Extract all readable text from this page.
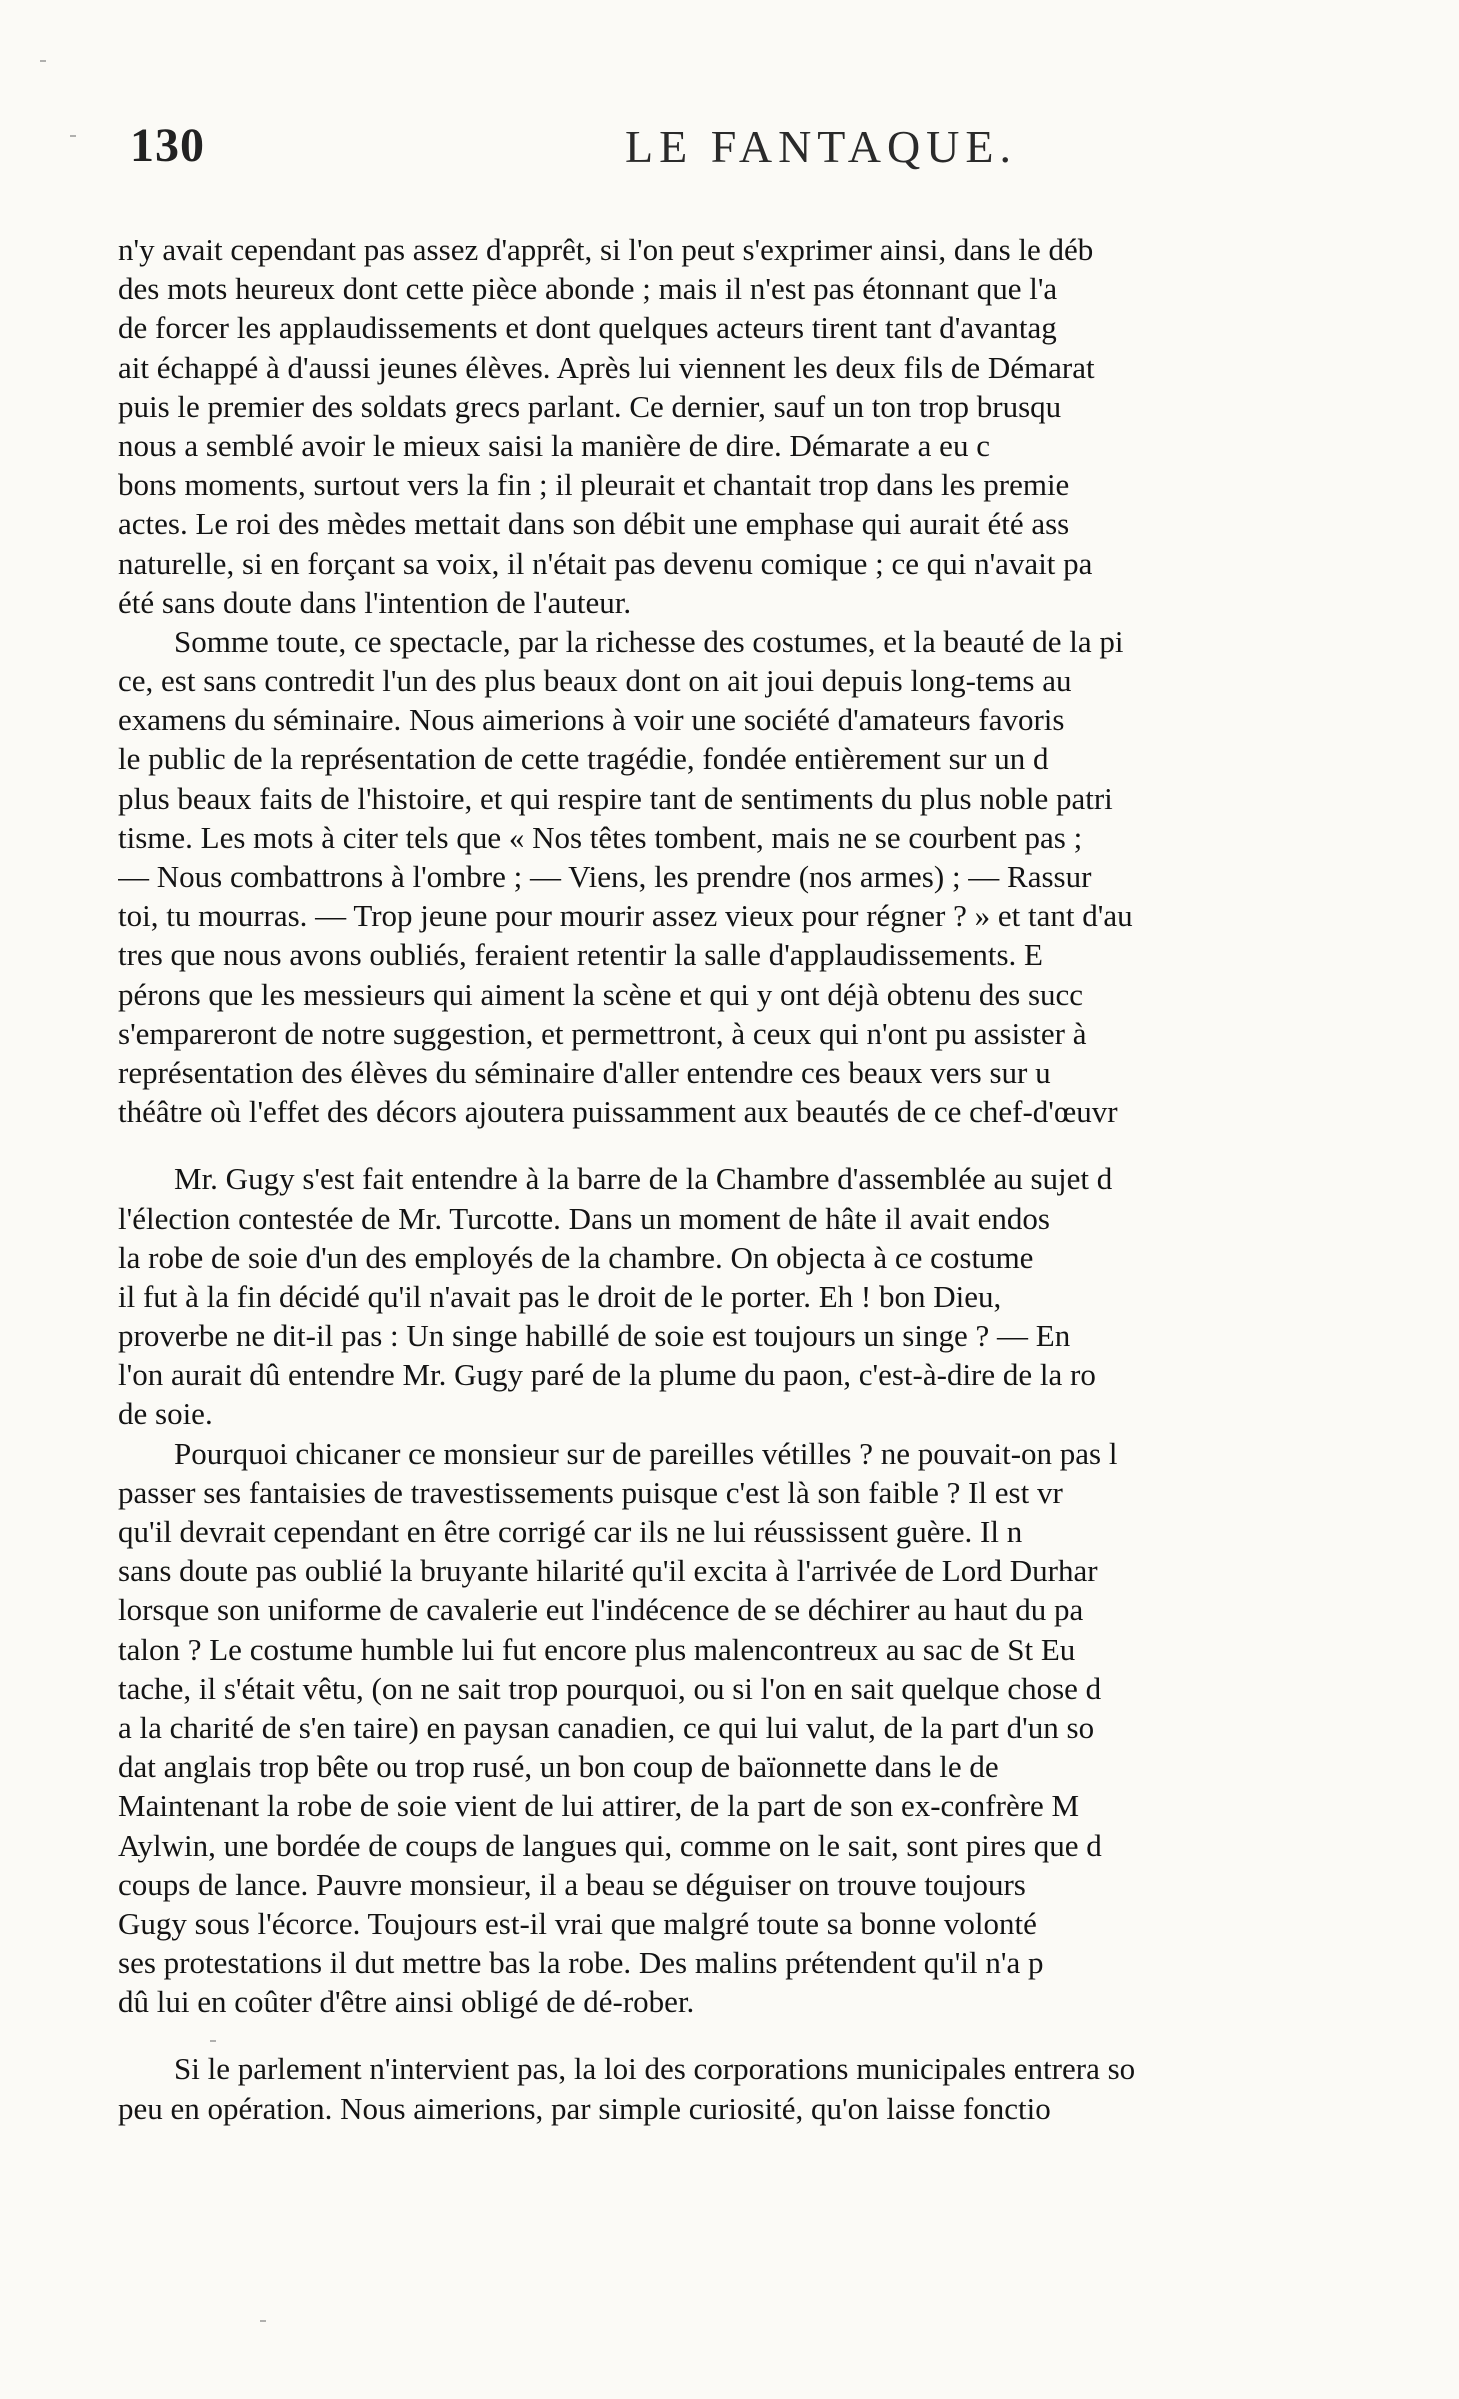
130	LE FANTAQUE.
n'y avait cependant pas assez d'apprêt, si l'on peut s'exprimer ainsi, dans le déb
des mots heureux dont cette pièce abonde ; mais il n'est pas étonnant que l'a
de forcer les applaudissements et dont quelques acteurs tirent tant d'avantag
ait échappé à d'aussi jeunes élèves. Après lui viennent les deux fils de Démarat
puis le premier des soldats grecs parlant. Ce dernier, sauf un ton trop brusqu
nous a semblé avoir le mieux saisi la manière de dire. Démarate a eu c
bons moments, surtout vers la fin ; il pleurait et chantait trop dans les premie
actes. Le roi des mèdes mettait dans son débit une emphase qui aurait été ass
naturelle, si en forçant sa voix, il n'était pas devenu comique ; ce qui n'avait pa
été sans doute dans l'intention de l'auteur.
Somme toute, ce spectacle, par la richesse des costumes, et la beauté de la pi
ce, est sans contredit l'un des plus beaux dont on ait joui depuis long-tems au
examens du séminaire. Nous aimerions à voir une société d'amateurs favoris
le public de la représentation de cette tragédie, fondée entièrement sur un d
plus beaux faits de l'histoire, et qui respire tant de sentiments du plus noble patri
tisme. Les mots à citer tels que « Nos têtes tombent, mais ne se courbent pas ;
— Nous combattrons à l'ombre ; — Viens, les prendre (nos armes) ; — Rassur
toi, tu mourras. — Trop jeune pour mourir assez vieux pour régner ? » et tant d'au
tres que nous avons oubliés, feraient retentir la salle d'applaudissements. E
pérons que les messieurs qui aiment la scène et qui y ont déjà obtenu des succ
s'empareront de notre suggestion, et permettront, à ceux qui n'ont pu assister à
représentation des élèves du séminaire d'aller entendre ces beaux vers sur u
théâtre où l'effet des décors ajoutera puissamment aux beautés de ce chef-d'œuvr
Mr. Gugy s'est fait entendre à la barre de la Chambre d'assemblée au sujet d
l'élection contestée de Mr. Turcotte. Dans un moment de hâte il avait endos
la robe de soie d'un des employés de la chambre. On objecta à ce costume
il fut à la fin décidé qu'il n'avait pas le droit de le porter. Eh ! bon Dieu,
proverbe ne dit-il pas : Un singe habillé de soie est toujours un singe ? — En
l'on aurait dû entendre Mr. Gugy paré de la plume du paon, c'est-à-dire de la ro
de soie.
Pourquoi chicaner ce monsieur sur de pareilles vétilles ? ne pouvait-on pas l
passer ses fantaisies de travestissements puisque c'est là son faible ? Il est vr
qu'il devrait cependant en être corrigé car ils ne lui réussissent guère. Il n
sans doute pas oublié la bruyante hilarité qu'il excita à l'arrivée de Lord Durhar
lorsque son uniforme de cavalerie eut l'indécence de se déchirer au haut du pa
talon ? Le costume humble lui fut encore plus malencontreux au sac de St Eu
tache, il s'était vêtu, (on ne sait trop pourquoi, ou si l'on en sait quelque chose d
a la charité de s'en taire) en paysan canadien, ce qui lui valut, de la part d'un so
dat anglais trop bête ou trop rusé, un bon coup de baïonnette dans le de
Maintenant la robe de soie vient de lui attirer, de la part de son ex-confrère M
Aylwin, une bordée de coups de langues qui, comme on le sait, sont pires que d
coups de lance. Pauvre monsieur, il a beau se déguiser on trouve toujours
Gugy sous l'écorce. Toujours est-il vrai que malgré toute sa bonne volonté
ses protestations il dut mettre bas la robe. Des malins prétendent qu'il n'a p
dû lui en coûter d'être ainsi obligé de dé-rober.
Si le parlement n'intervient pas, la loi des corporations municipales entrera so
peu en opération. Nous aimerions, par simple curiosité, qu'on laisse fonctio
